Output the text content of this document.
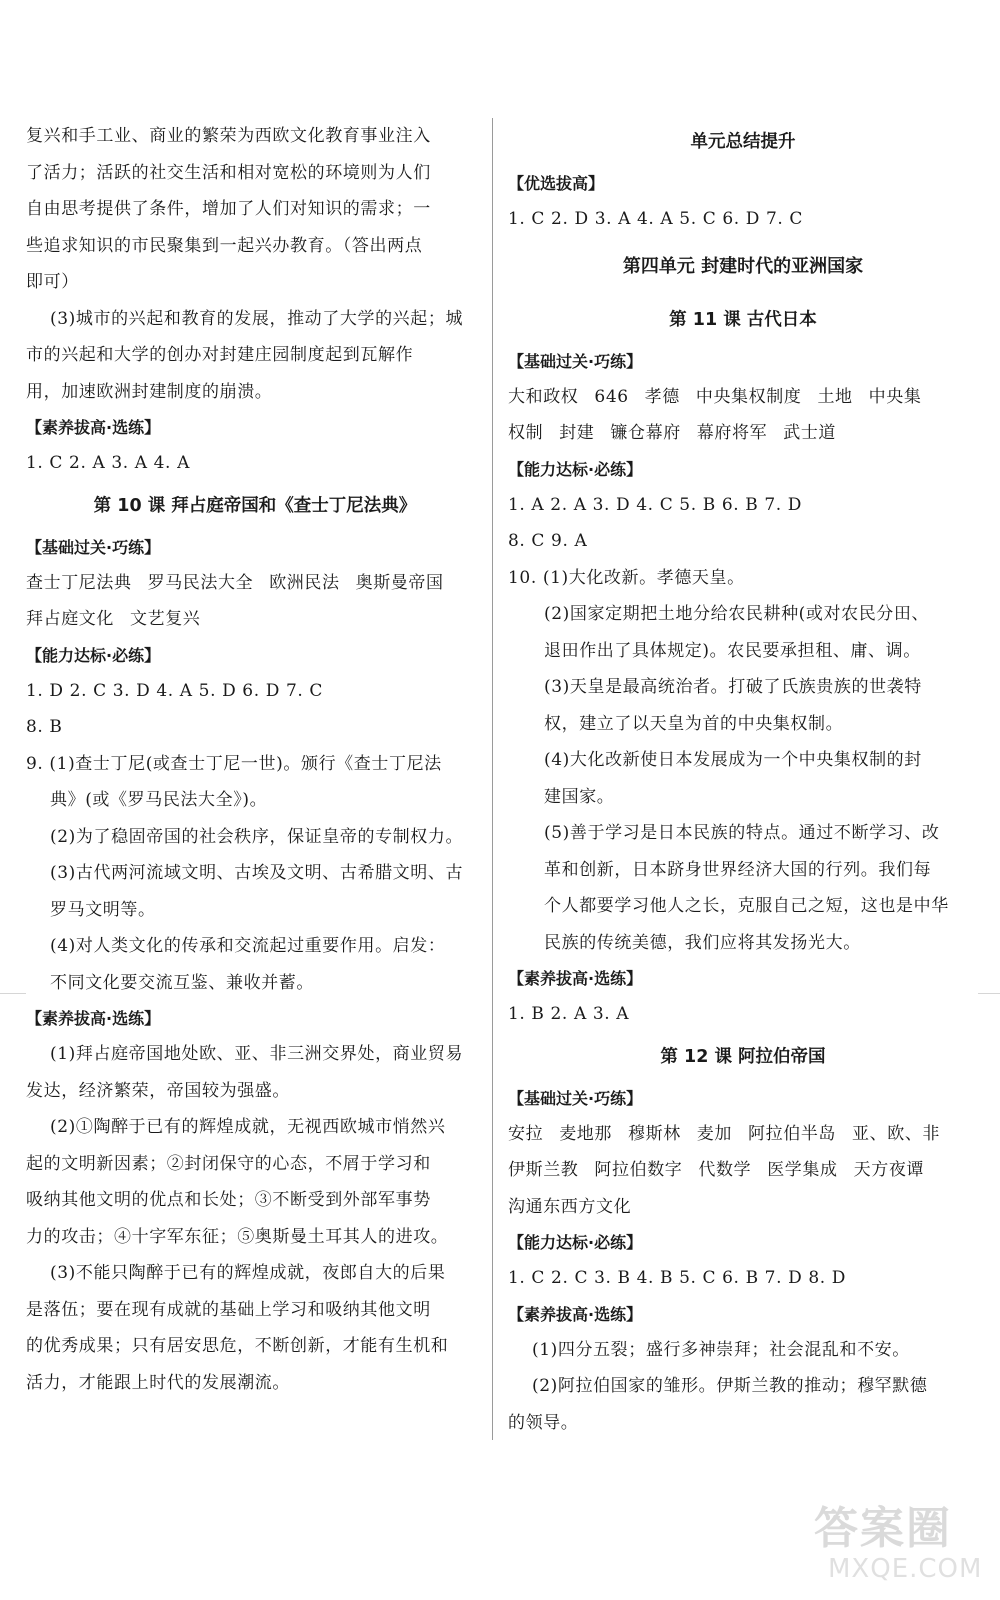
复兴和手工业、商业的繁荣为西欧文化教育事业注入
了活力；活跃的社交生活和相对宽松的环境则为人们
自由思考提供了条件，增加了人们对知识的需求；一
些追求知识的市民聚集到一起兴办教育。（答出两点
即可）
(3)城市的兴起和教育的发展，推动了大学的兴起；城
市的兴起和大学的创办对封建庄园制度起到瓦解作
用，加速欧洲封建制度的崩溃。
【素养拔高·选练】
1. C 2. A 3. A 4. A
第 10 课 拜占庭帝国和《查士丁尼法典》
【基础过关·巧练】
查士丁尼法典 罗马民法大全 欧洲民法 奥斯曼帝国
拜占庭文化 文艺复兴
【能力达标·必练】
1. D 2. C 3. D 4. A 5. D 6. D 7. C
8. B
9. (1)查士丁尼(或查士丁尼一世)。颁行《查士丁尼法
典》(或《罗马民法大全》)。
(2)为了稳固帝国的社会秩序，保证皇帝的专制权力。
(3)古代两河流域文明、古埃及文明、古希腊文明、古
罗马文明等。
(4)对人类文化的传承和交流起过重要作用。启发：
不同文化要交流互鉴、兼收并蓄。
【素养拔高·选练】
(1)拜占庭帝国地处欧、亚、非三洲交界处，商业贸易
发达，经济繁荣，帝国较为强盛。
(2)①陶醉于已有的辉煌成就，无视西欧城市悄然兴
起的文明新因素；②封闭保守的心态，不屑于学习和
吸纳其他文明的优点和长处；③不断受到外部军事势
力的攻击；④十字军东征；⑤奥斯曼土耳其人的进攻。
(3)不能只陶醉于已有的辉煌成就，夜郎自大的后果
是落伍；要在现有成就的基础上学习和吸纳其他文明
的优秀成果；只有居安思危，不断创新，才能有生机和
活力，才能跟上时代的发展潮流。
单元总结提升
【优选拔高】
1. C 2. D 3. A 4. A 5. C 6. D 7. C
第四单元 封建时代的亚洲国家
第 11 课 古代日本
【基础过关·巧练】
大和政权 646 孝德 中央集权制度 土地 中央集
权制 封建 镰仓幕府 幕府将军 武士道
【能力达标·必练】
1. A 2. A 3. D 4. C 5. B 6. B 7. D
8. C 9. A
10. (1)大化改新。孝德天皇。
(2)国家定期把土地分给农民耕种(或对农民分田、
退田作出了具体规定)。农民要承担租、庸、调。
(3)天皇是最高统治者。打破了氏族贵族的世袭特
权，建立了以天皇为首的中央集权制。
(4)大化改新使日本发展成为一个中央集权制的封
建国家。
(5)善于学习是日本民族的特点。通过不断学习、改
革和创新，日本跻身世界经济大国的行列。我们每
个人都要学习他人之长，克服自己之短，这也是中华
民族的传统美德，我们应将其发扬光大。
【素养拔高·选练】
1. B 2. A 3. A
第 12 课 阿拉伯帝国
【基础过关·巧练】
安拉 麦地那 穆斯林 麦加 阿拉伯半岛 亚、欧、非
伊斯兰教 阿拉伯数字 代数学 医学集成 天方夜谭
沟通东西方文化
【能力达标·必练】
1. C 2. C 3. B 4. B 5. C 6. B 7. D 8. D
【素养拔高·选练】
(1)四分五裂；盛行多神崇拜；社会混乱和不安。
(2)阿拉伯国家的雏形。伊斯兰教的推动；穆罕默德
的领导。
答案圈
MXQE.COM
